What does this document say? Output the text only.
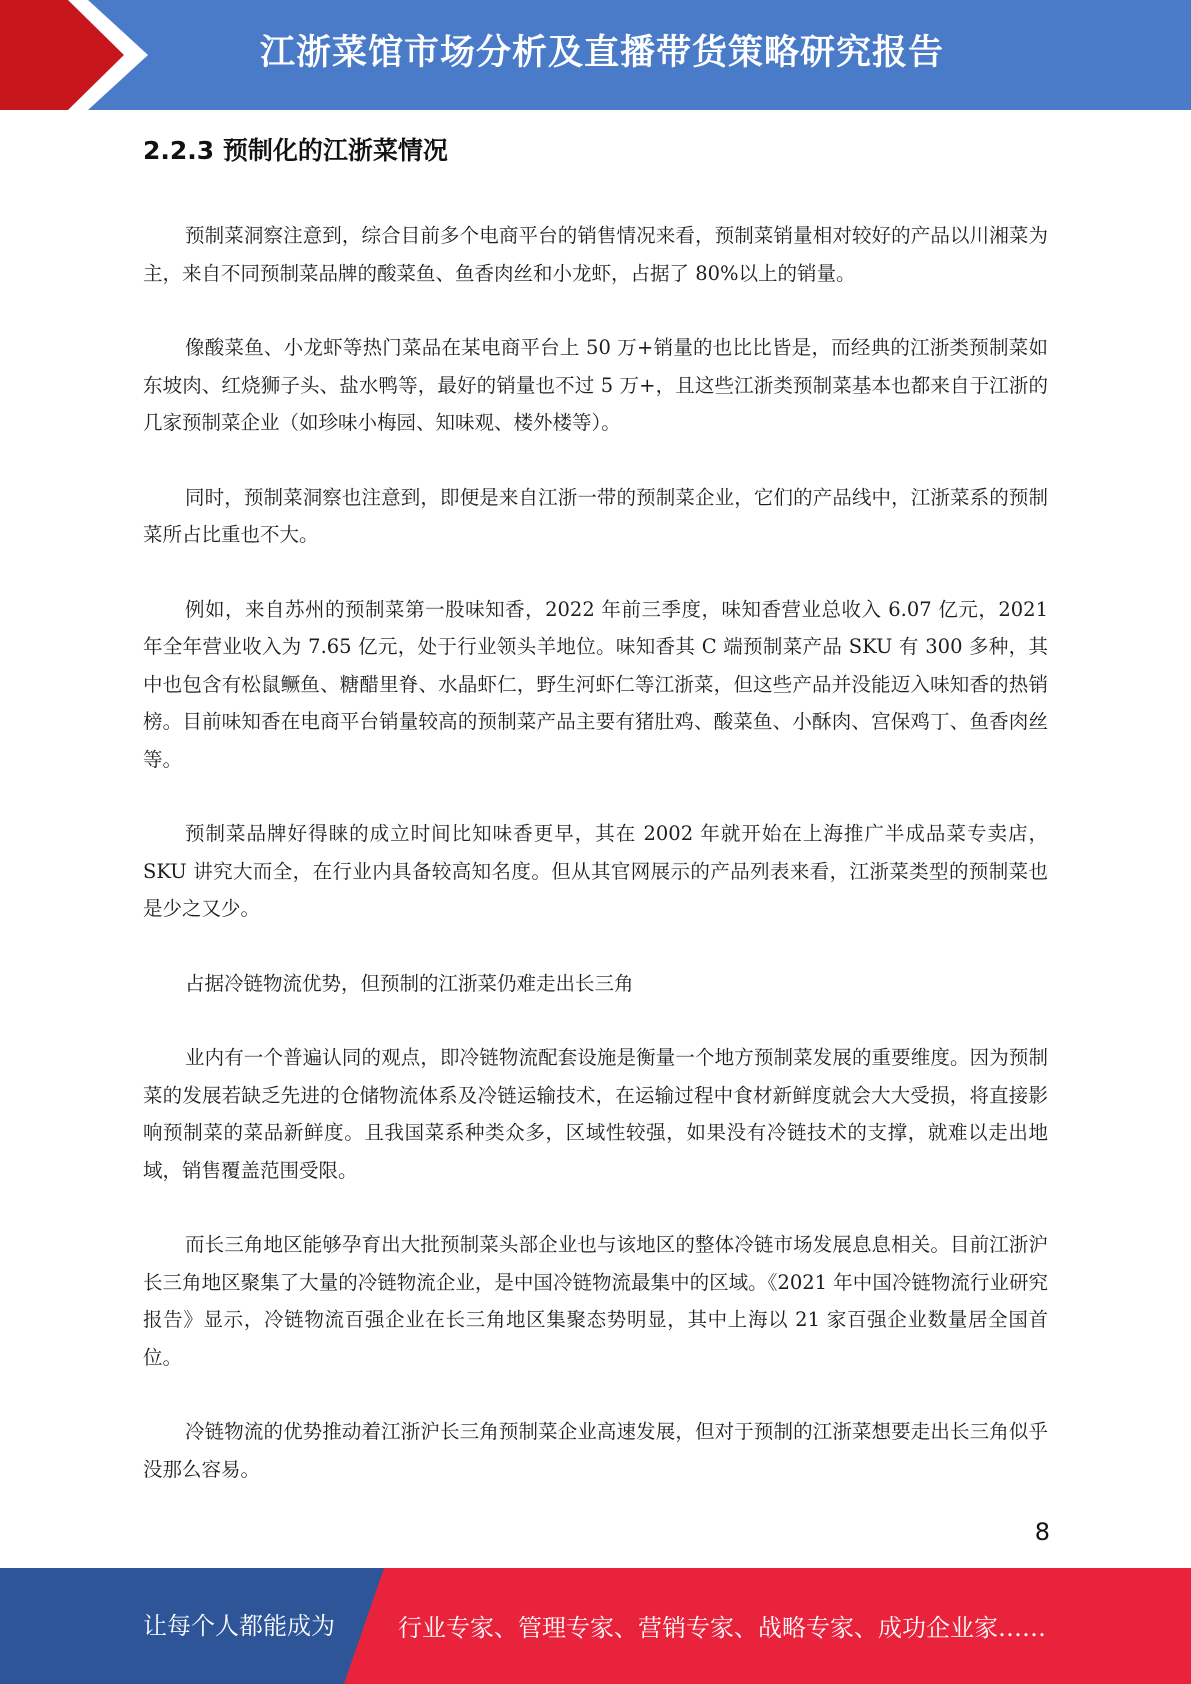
江浙菜馆市场分析及直播带货策略研究报告
2.2.3 预制化的江浙菜情况

预制菜洞察注意到，综合目前多个电商平台的销售情况来看，预制菜销量相对较好的产品以川湘菜为主，来自不同预制菜品牌的酸菜鱼、鱼香肉丝和小龙虾，占据了 80%以上的销量。

像酸菜鱼、小龙虾等热门菜品在某电商平台上 50 万+销量的也比比皆是，而经典的江浙类预制菜如东坡肉、红烧狮子头、盐水鸭等，最好的销量也不过 5 万+，且这些江浙类预制菜基本也都来自于江浙的几家预制菜企业（如珍味小梅园、知味观、楼外楼等）。

同时，预制菜洞察也注意到，即便是来自江浙一带的预制菜企业，它们的产品线中，江浙菜系的预制菜所占比重也不大。

例如，来自苏州的预制菜第一股味知香，2022 年前三季度，味知香营业总收入 6.07 亿元，2021 年全年营业收入为 7.65 亿元，处于行业领头羊地位。味知香其 C 端预制菜产品 SKU 有 300 多种，其中也包含有松鼠鳜鱼、糖醋里脊、水晶虾仁，野生河虾仁等江浙菜，但这些产品并没能迈入味知香的热销榜。目前味知香在电商平台销量较高的预制菜产品主要有猪肚鸡、酸菜鱼、小酥肉、宫保鸡丁、鱼香肉丝等。

预制菜品牌好得睐的成立时间比知味香更早，其在 2002 年就开始在上海推广半成品菜专卖店，SKU 讲究大而全，在行业内具备较高知名度。但从其官网展示的产品列表来看，江浙菜类型的预制菜也是少之又少。

占据冷链物流优势，但预制的江浙菜仍难走出长三角

业内有一个普遍认同的观点，即冷链物流配套设施是衡量一个地方预制菜发展的重要维度。因为预制菜的发展若缺乏先进的仓储物流体系及冷链运输技术，在运输过程中食材新鲜度就会大大受损，将直接影响预制菜的菜品新鲜度。且我国菜系种类众多，区域性较强，如果没有冷链技术的支撑，就难以走出地域，销售覆盖范围受限。

而长三角地区能够孕育出大批预制菜头部企业也与该地区的整体冷链市场发展息息相关。目前江浙沪长三角地区聚集了大量的冷链物流企业，是中国冷链物流最集中的区域。《2021 年中国冷链物流行业研究报告》显示，冷链物流百强企业在长三角地区集聚态势明显，其中上海以 21 家百强企业数量居全国首位。

冷链物流的优势推动着江浙沪长三角预制菜企业高速发展，但对于预制的江浙菜想要走出长三角似乎没那么容易。

8
让每个人都能成为	行业专家、管理专家、营销专家、战略专家、成功企业家……
